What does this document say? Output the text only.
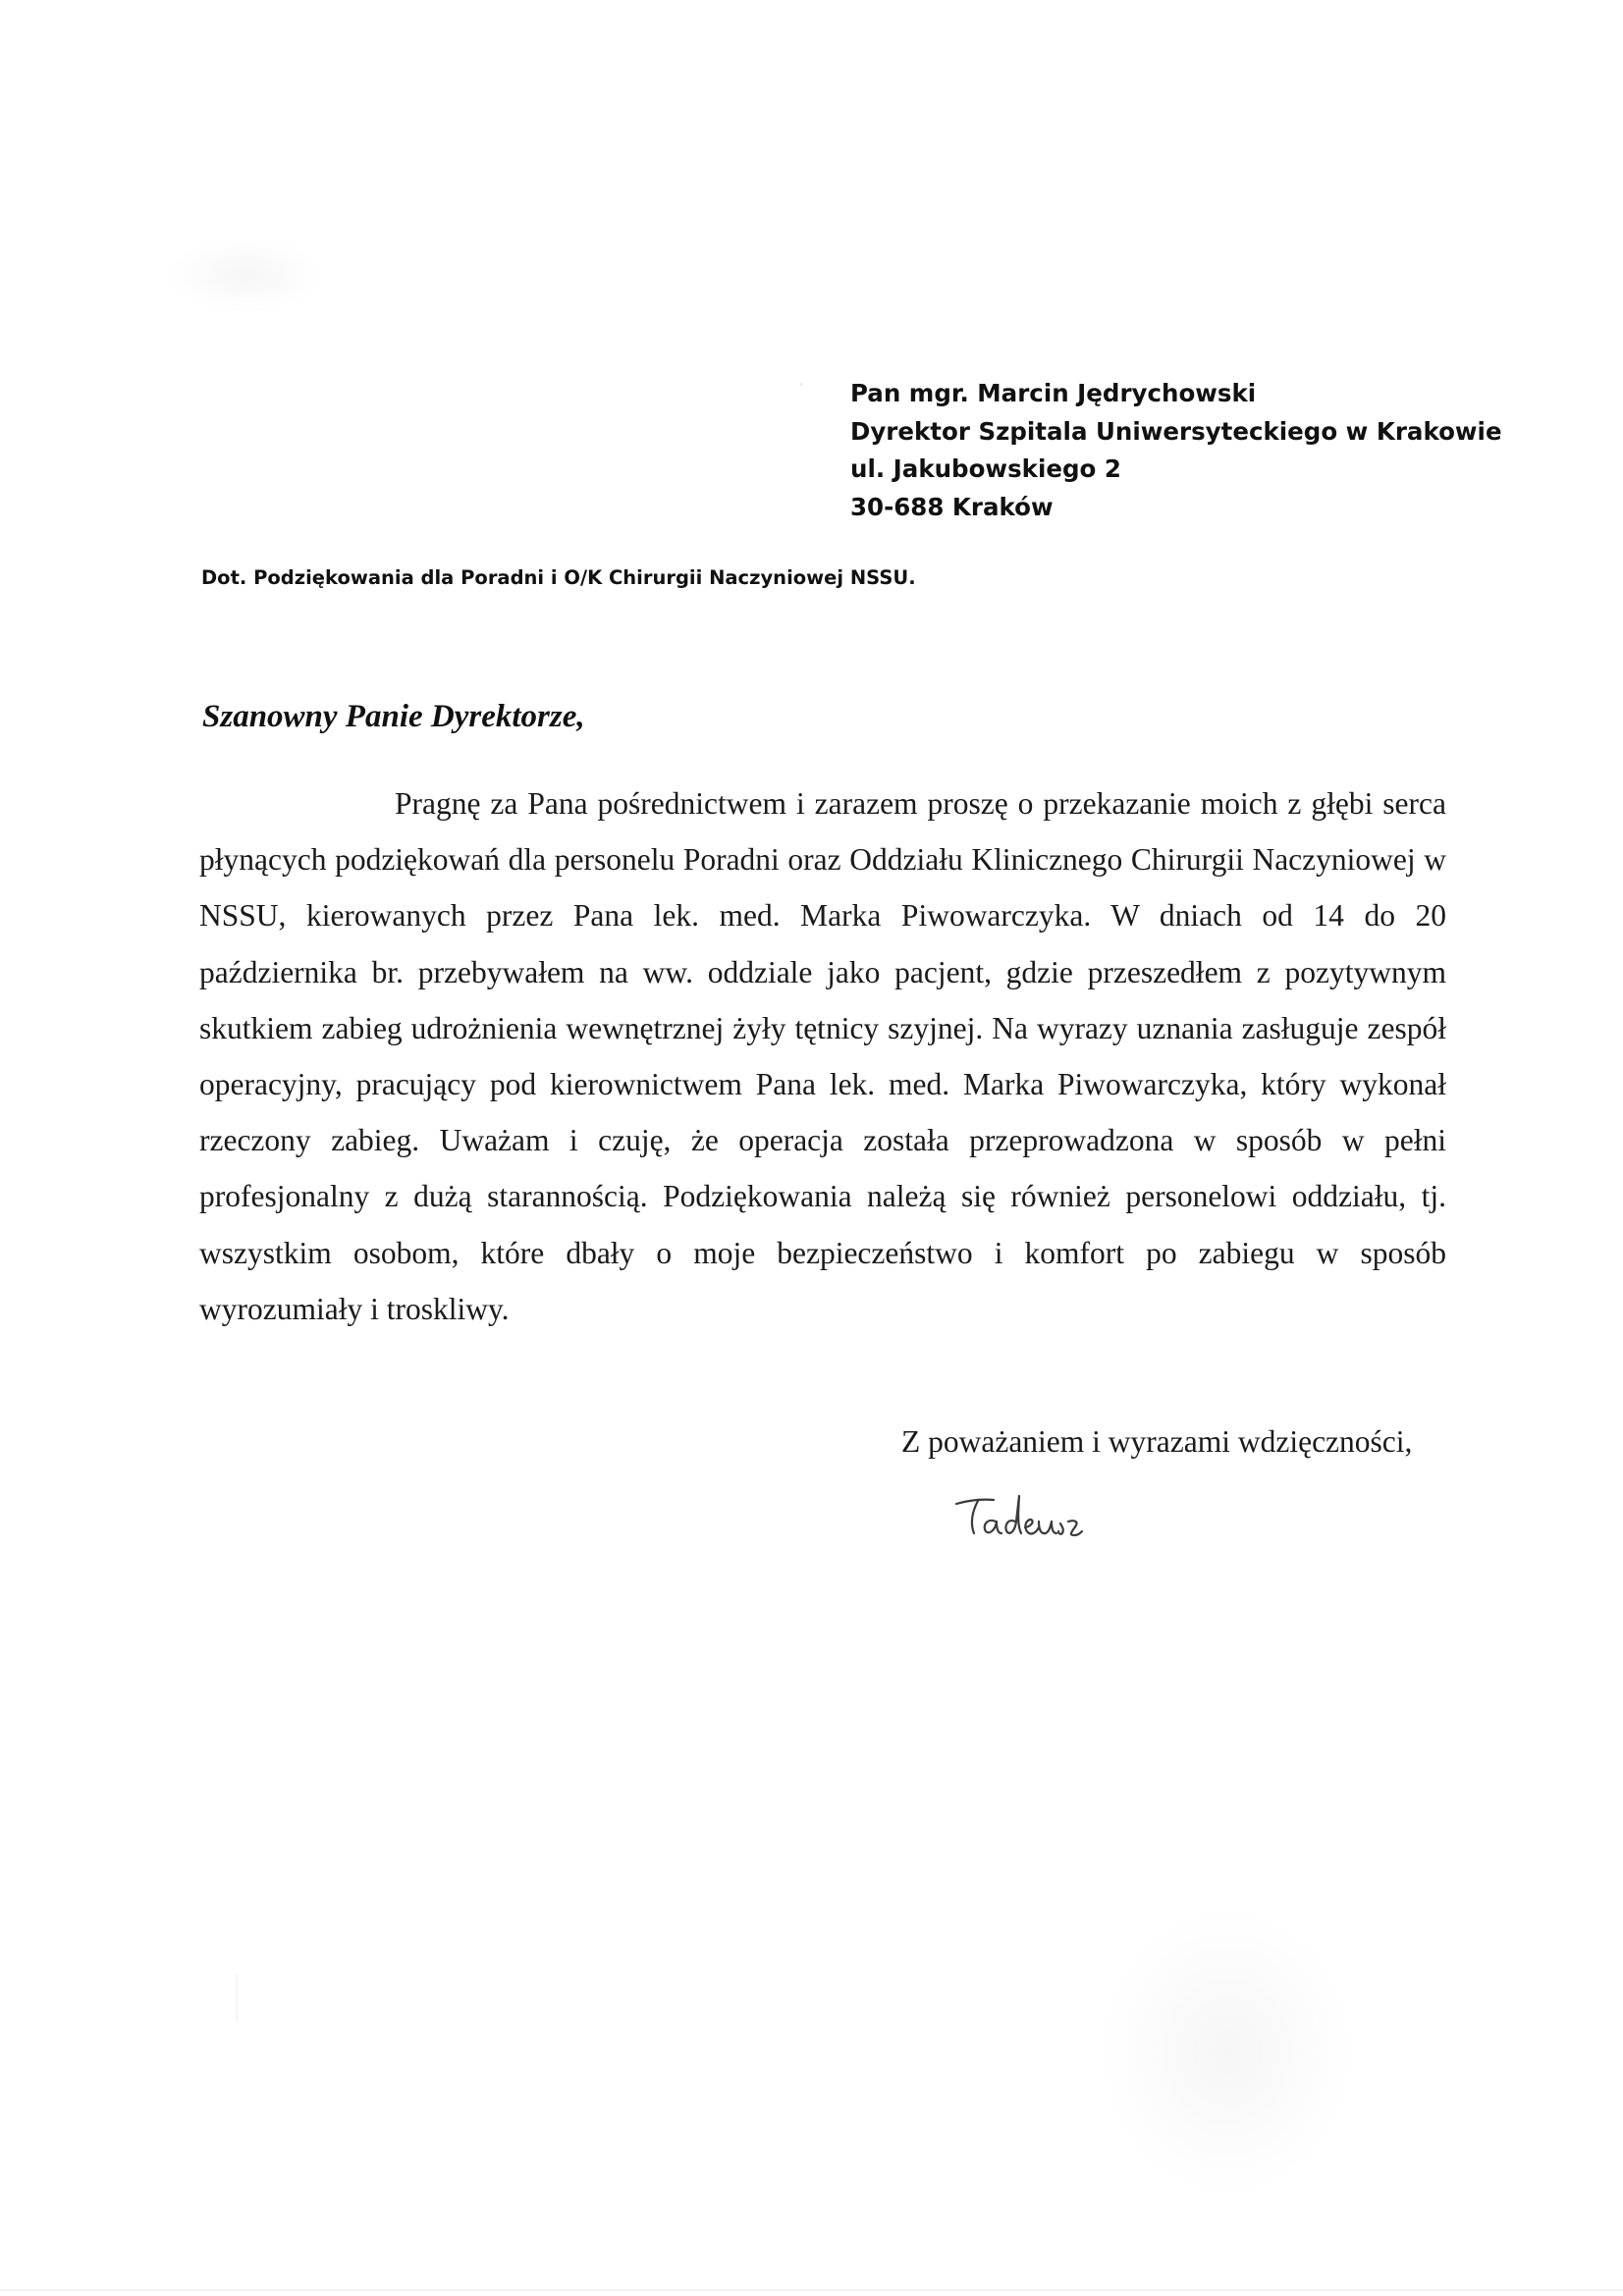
Pan mgr. Marcin Jędrychowski
Dyrektor Szpitala Uniwersyteckiego w Krakowie
ul. Jakubowskiego 2
30-688 Kraków
Dot. Podziękowania dla Poradni i O/K Chirurgii Naczyniowej NSSU.
Szanowny Panie Dyrektorze,

Pragnę za Pana pośrednictwem i zarazem proszę o przekazanie moich z głębi serca płynących podziękowań dla personelu Poradni oraz Oddziału Klinicznego Chirurgii Naczyniowej w NSSU, kierowanych przez Pana lek. med. Marka Piwowarczyka. W dniach od 14 do 20 października br. przebywałem na ww. oddziale jako pacjent, gdzie przeszedłem z pozytywnym skutkiem zabieg udrożnienia wewnętrznej żyły tętnicy szyjnej. Na wyrazy uznania zasługuje zespół operacyjny, pracujący pod kierownictwem Pana lek. med. Marka Piwowarczyka, który wykonał rzeczony zabieg. Uważam i czuję, że operacja została przeprowadzona w sposób w pełni profesjonalny z dużą starannością. Podziękowania należą się również personelowi oddziału, tj. wszystkim osobom, które dbały o moje bezpieczeństwo i komfort po zabiegu w sposób wyrozumiały i troskliwy.

Z poważaniem i wyrazami wdzięczności,
